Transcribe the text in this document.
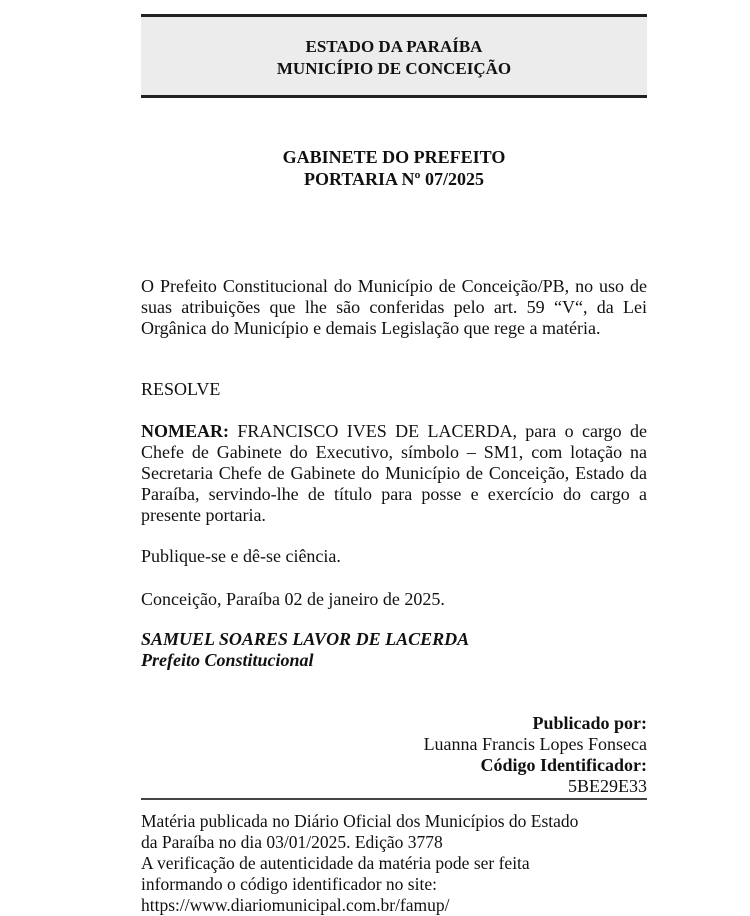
ESTADO DA PARAÍBA
MUNICÍPIO DE CONCEIÇÃO
GABINETE DO PREFEITO
PORTARIA Nº 07/2025

O Prefeito Constitucional do Município de Conceição/PB, no uso de suas atribuições que lhe são conferidas pelo art. 59 “V“, da Lei Orgânica do Município e demais Legislação que rege a matéria.

RESOLVE

NOMEAR: FRANCISCO IVES DE LACERDA, para o cargo de Chefe de Gabinete do Executivo, símbolo – SM1, com lotação na Secretaria Chefe de Gabinete do Município de Conceição, Estado da Paraíba, servindo-lhe de título para posse e exercício do cargo a presente portaria.

Publique-se e dê-se ciência.

Conceição, Paraíba 02 de janeiro de 2025.

SAMUEL SOARES LAVOR DE LACERDA
Prefeito Constitucional
Publicado por:
Luanna Francis Lopes Fonseca
Código Identificador:
5BE29E33
Matéria publicada no Diário Oficial dos Municípios do Estado
da Paraíba no dia 03/01/2025. Edição 3778
A verificação de autenticidade da matéria pode ser feita
informando o código identificador no site:
https://www.diariomunicipal.com.br/famup/
